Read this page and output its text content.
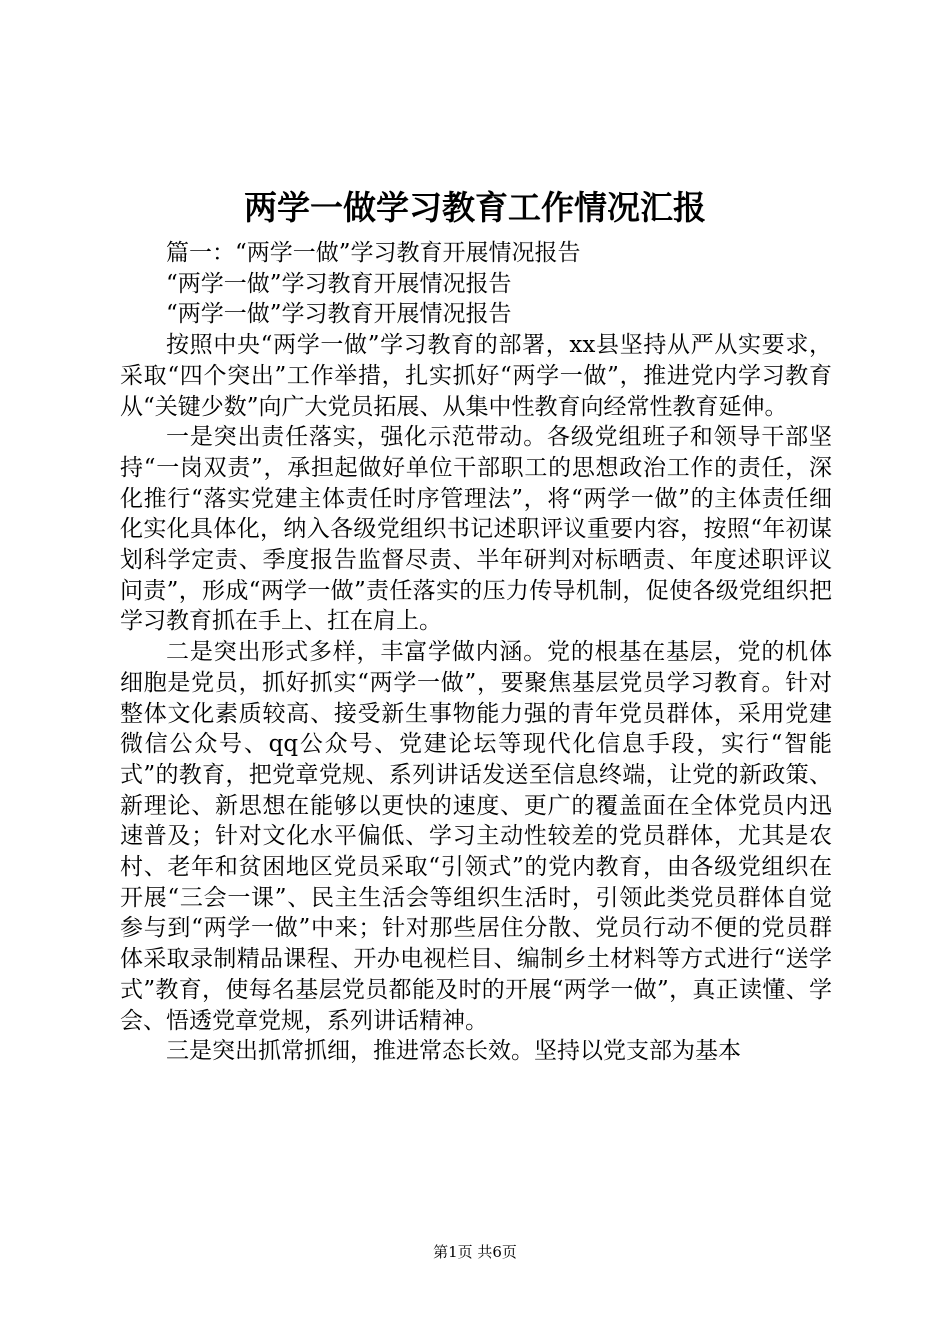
两学一做学习教育工作情况汇报

篇一：“两学一做”学习教育开展情况报告

“两学一做”学习教育开展情况报告

“两学一做”学习教育开展情况报告

按照中央“两学一做”学习教育的部署，xx县坚持从严从实要求，采取“四个突出”工作举措，扎实抓好“两学一做”，推进党内学习教育从“关键少数”向广大党员拓展、从集中性教育向经常性教育延伸。

一是突出责任落实，强化示范带动。各级党组班子和领导干部坚持“一岗双责”，承担起做好单位干部职工的思想政治工作的责任，深化推行“落实党建主体责任时序管理法”，将“两学一做”的主体责任细化实化具体化，纳入各级党组织书记述职评议重要内容，按照“年初谋划科学定责、季度报告监督尽责、半年研判对标晒责、年度述职评议问责”，形成“两学一做”责任落实的压力传导机制，促使各级党组织把学习教育抓在手上、扛在肩上。

二是突出形式多样，丰富学做内涵。党的根基在基层，党的机体细胞是党员，抓好抓实“两学一做”，要聚焦基层党员学习教育。针对整体文化素质较高、接受新生事物能力强的青年党员群体，采用党建微信公众号、qq公众号、党建论坛等现代化信息手段，实行“智能式”的教育，把党章党规、系列讲话发送至信息终端，让党的新政策、新理论、新思想在能够以更快的速度、更广的覆盖面在全体党员内迅速普及；针对文化水平偏低、学习主动性较差的党员群体，尤其是农村、老年和贫困地区党员采取“引领式”的党内教育，由各级党组织在开展“三会一课”、民主生活会等组织生活时，引领此类党员群体自觉参与到“两学一做”中来；针对那些居住分散、党员行动不便的党员群体采取录制精品课程、开办电视栏目、编制乡土材料等方式进行“送学式”教育，使每名基层党员都能及时的开展“两学一做”，真正读懂、学会、悟透党章党规，系列讲话精神。

三是突出抓常抓细，推进常态长效。坚持以党支部为基本

第1页 共6页
